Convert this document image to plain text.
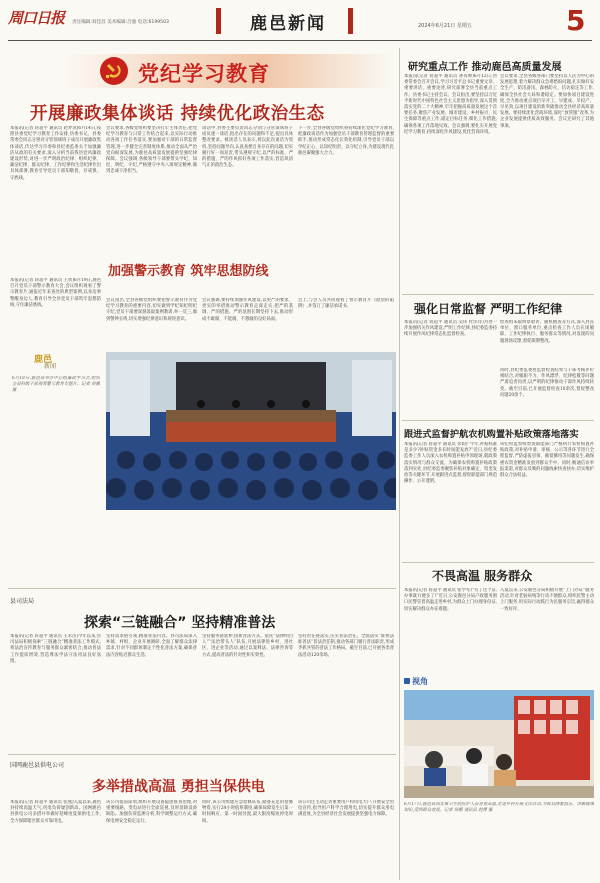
周口日报 责任编辑:刘佳昌 美术编辑:吕强 电话:6199503	鹿邑新闻	2024年6月21日 星期五	5
党纪学习教育
开展廉政集体谈话 持续优化政治生态
本报讯(记者 蒋超平 通讯员 赵梦泽)6月14日,按照县委党纪学习教育工作安排,县委书记、县委常委会同志分别对分管领域班子成员开展廉政集体谈话,传达学习市委和县纪委监委关于加强廉洁从政的有关要求,深入分析当前我县党风廉政建设形势,对进一步严明政治纪律、组织纪律、廉洁纪律、群众纪律、工作纪律和生活纪律作出具体部署,教育引导党员干部知敬畏、存戒惧、守底线。
会议要求,各级党组织要坚决扛牢主体责任,把党纪学习教育与日常工作结合起来,以实际行动推动各项工作任务落实,要加强对干部的日常监督管理,进一步健全完善制度体系,推动全面从严治党向纵深发展,为鹿邑高质量发展提供坚强纪律保障。会议强调,各级领导干部要带头学纪、知纪、明纪、守纪,严格遵守中央八项规定精神,做到忠诚干净担当。
谈话中,县委主要负责同志分别与分管领域班子成员逐一谈话,指出存在的问题和不足,提出具体整改要求。被谈话人员表示,将以此次谈话为契机,坚持问题导向,认真查摆自身存在的问题,切实履行好一岗双责,带头遵规守纪,以严的标准、严的措施、严的作风抓好各项工作落实,营造风清气正的政治生态。
下一步,全县各级党组织将持续深化党纪学习教育,把廉政谈话作为加强党员干部教育管理监督的重要抓手,推动形成常态化长效化机制,引导党员干部以学纪正心、以知纪明责、以守纪立身,为建设现代化鹿邑凝聚强大合力。
加强警示教育 筑牢思想防线
本报讯(记者 蒋超平 通讯员 王欣)6月19日,鹿邑召开党员干部警示教育大会,会议组织观看了警示教育片,通报近年来查处的典型案例,以身边事警醒身边人,教育引导全县党员干部筑牢思想防线,守住廉洁底线。
会议指出,全县各级党组织要把警示教育作为党纪学习教育的重要内容,切实做到学纪知纪明纪守纪,党员干部要深刻汲取案例教训,举一反三,做到警钟长鸣,切实增强纪律意识和规矩意识。
会议强调,要持续加强作风建设,以更严的要求、更实的举措推动警示教育走深走实,把严的基调、严的措施、严的氛围长期坚持下去,推动形成不敢腐、不能腐、不想腐的良好局面。
会上,与会人员共同观看了警示教育片《欲望的陷阱》,并签订了廉洁承诺书。
鹿邑
新闻
6月18日,鹿邑县举办中心组廉政学习会,组织全县科级干部观看警示教育专题片。记者 侯鹏 摄
县司法局
探索“三链融合” 坚持精准普法
本报讯(记者 蒋超平 通讯员 王禾苗)今年以来,县司法局积极探索“三链融合”精准普法工作模式,将法治宣传教育与服务群众紧密结合,推动普法工作提质增效,营造尊法学法守法用法良好氛围。
坚持需求链引领,精准普法内容。县司法局深入乡镇、村组、企业开展调研,全面了解群众法律需求,针对不同群体制定个性化普法方案,确保普法内容贴近群众生活。
坚持服务链延伸,创新普法方式。依托“法律明白人”“法治带头人”队伍,开展法律进乡村、进社区、进企业等活动,通过以案释法、法律咨询等方式,提高普法的针对性和实效性。
坚持责任链落实,压实普法责任。全面落实“谁执法谁普法”普法责任制,推动各部门履行普法职责,形成齐抓共管的普法工作格局。截至目前,已开展各类普法活动120余场。
国网鹿邑县供电公司
多举措战高温 勇担当保供电
本报讯(记者 蒋超平 通讯员 张燕)入夏以来,鹿邑县持续高温天气,用电负荷屡创新高。国网鹿邑县供电公司多措并举做好迎峰度夏保供电工作,全力保障辖区群众可靠用电。
该公司提前谋划,组织开展设备隐患排查治理,对重要线路、变电站进行全面巡视,及时消除设备缺陷。加强负荷监测分析,科学调整运行方式,确保电网安全稳定运行。
同时,该公司组建应急抢修队伍,储备充足的抢修物资,实行24小时值班制度,确保故障发生后第一时间响应、第一时间处置,最大限度缩短停电时间。
该公司还主动走访重要用户和用电大户,开展安全用电宣传,指导用户科学合理用电,切实提升群众用电满意度,为全县经济社会发展提供坚强电力保障。
研究重点工作 推动鹿邑高质量发展
本报讯(记者 蒋超平 通讯员 孙青帅)6月12日,县委常委会召开会议,学习习近平总书记重要文章、重要讲话、重要论述,研究部署全县当前重点工作。县委书记主持会议。会议指出,要坚持以习近平新时代中国特色社会主义思想为指导,深入贯彻落实党的二十大精神,牢牢把握高质量发展这个首要任务,聚焦产业发展、城市建设、乡村振兴、民生保障等重点工作,锚定目标任务,细化工作措施,确保各项工作落地见效。会议强调,要扎实开展党纪学习教育,持续深化作风建设,优化营商环境。
会议要求,全县各级各部门要坚持以人民为中心的发展思想,着力解决群众急难愁盼问题,扎实做好安全生产、防汛备汛、森林防火、信访稳定等工作,确保全县社会大局和谐稳定。要加快项目建设进度,全力推动重点项目早开工、早建成、早投产、早见效,以项目建设的新突破推动全县经济高质量发展。要持续优化营商环境,深化“放管服”改革,为企业发展提供优质高效服务。会议还研究了其他事项。
强化日常监督 严明工作纪律
本报讯(记者 蒋超平 通讯员 吴伟 杜洋洋)为进一步加强机关作风建设,严明工作纪律,县纪委监委持续开展作风纪律常态化监督检查。
检查组采取明察暗访、随机抽查等方式,深入县直单位、窗口服务单位,重点检查工作人员在岗履职、工作纪律执行、服务群众等情况,对发现的问题现场反馈,督促限期整改。
同时,县纪委监委将监督检查结果与干部考核评价相结合,对履职不力、作风漂浮、纪律松散等问题严肃追责问责,以严明的纪律推动干部作风持续转变。截至目前,已开展监督检查10余次,督促整改问题20余个。
跟进式监督护航农机购置补贴政策落地落实
本报讯(记者 蒋超平 通讯员 彭盼)“今年,补贴标准是多少?补贴资金多长时间能发放?”近日,县纪委监委工作人员深入农机购置补贴申领现场,就政策落实情况与群众交流。为确保农机购置补贴政策落到实处,县纪委监委聚焦补贴对象确定、资金发放等关键环节,开展跟进式监督,督促职能部门规范操作、公开透明。
该纪检监察组督促职能部门严格执行农机购置补贴政策,对补贴申请、审核、公示等各环节进行全程监督,严防虚报冒领、截留挪用等问题发生,确保惠农资金精准发放到群众手中。同时,畅通信访举报渠道,对群众反映的问题线索快查快办,切实维护群众合法权益。
不畏高温 服务群众
本报讯(记者 蒋超平 通讯员 张学军)“有了这个证,办事就方便多了!”近日,公安鹿邑分局户政服务窗口民警冒着高温走进乡村,为群众上门办理身份证,切实解决群众办证难题。
入夏以来,公安鹿邑分局积极开展“上门办证”服务活动,针对老弱病残等行动不便群众,组织民警主动上门服务,用实际行动践行为民服务宗旨,赢得群众一致好评。
视角
6月17日,鹿邑县涡北镇卫生院医护人员冒着高温,走进乡村开展义诊活动,为群众测量血压、讲解健康知识,受到群众欢迎。记者 侯鹏 通讯员 赵博 摄
